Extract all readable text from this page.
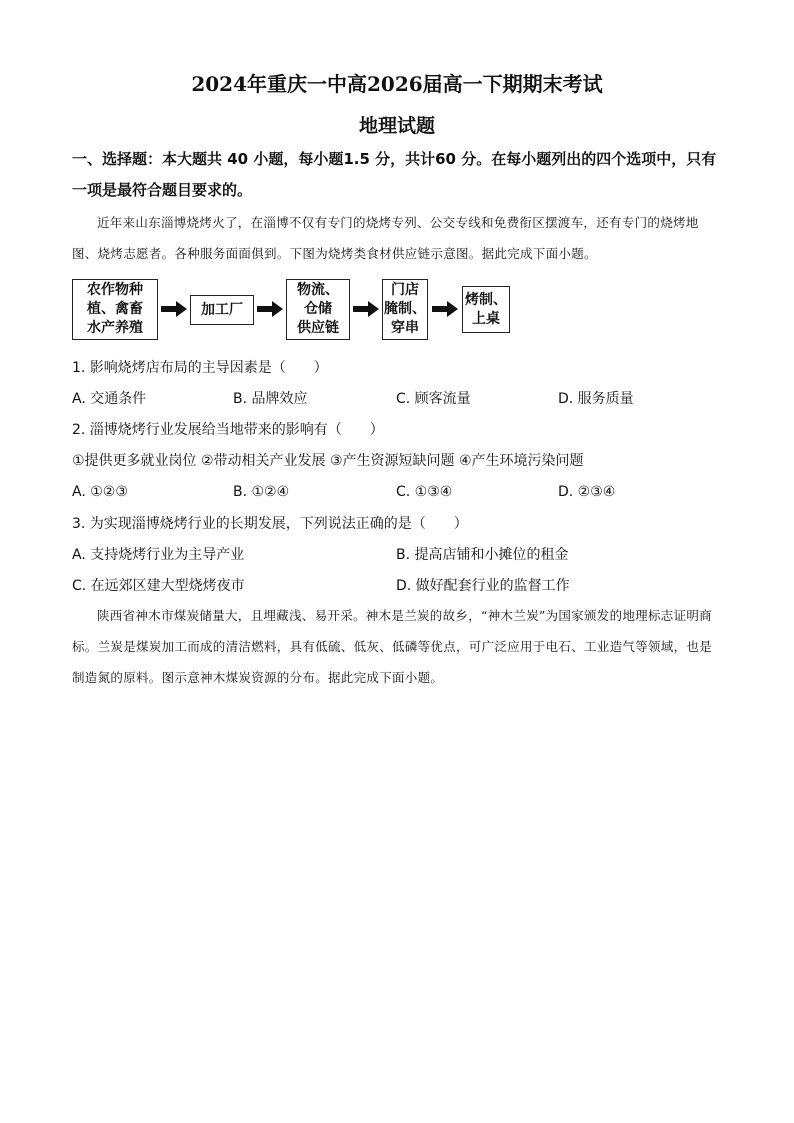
2024年重庆一中高2026届高一下期期末考试
地理试题
一、选择题：本大题共 40 小题，每小题1.5 分，共计60 分。在每小题列出的四个选项中，只有一项是最符合题目要求的。
近年来山东淄博烧烤火了，在淄博不仅有专门的烧烤专列、公交专线和免费衔区摆渡车，还有专门的烧烤地图、烧烤志愿者。各种服务面面俱到。下图为烧烤类食材供应链示意图。据此完成下面小题。
农作物种
植、禽畜
水产养殖
加工厂
物流、
仓储
供应链
门店
腌制、
穿串
烤制、
上桌
1. 影响烧烤店布局的主导因素是（　　）
A. 交通条件	B. 品牌效应	C. 顾客流量	D. 服务质量
2. 淄博烧烤行业发展给当地带来的影响有（　　）
①提供更多就业岗位 ②带动相关产业发展 ③产生资源短缺问题 ④产生环境污染问题
A. ①②③	B. ①②④	C. ①③④	D. ②③④
3. 为实现淄博烧烤行业的长期发展，下列说法正确的是（　　）
A. 支持烧烤行业为主导产业	B. 提高店铺和小摊位的租金
C. 在远郊区建大型烧烤夜市	D. 做好配套行业的监督工作
陕西省神木市煤炭储量大，且埋藏浅、易开采。神木是兰炭的故乡，“神木兰炭”为国家颁发的地理标志证明商标。兰炭是煤炭加工而成的清洁燃料，具有低硫、低灰、低磷等优点，可广泛应用于电石、工业造气等领域，也是制造氮的原料。图示意神木煤炭资源的分布。据此完成下面小题。
